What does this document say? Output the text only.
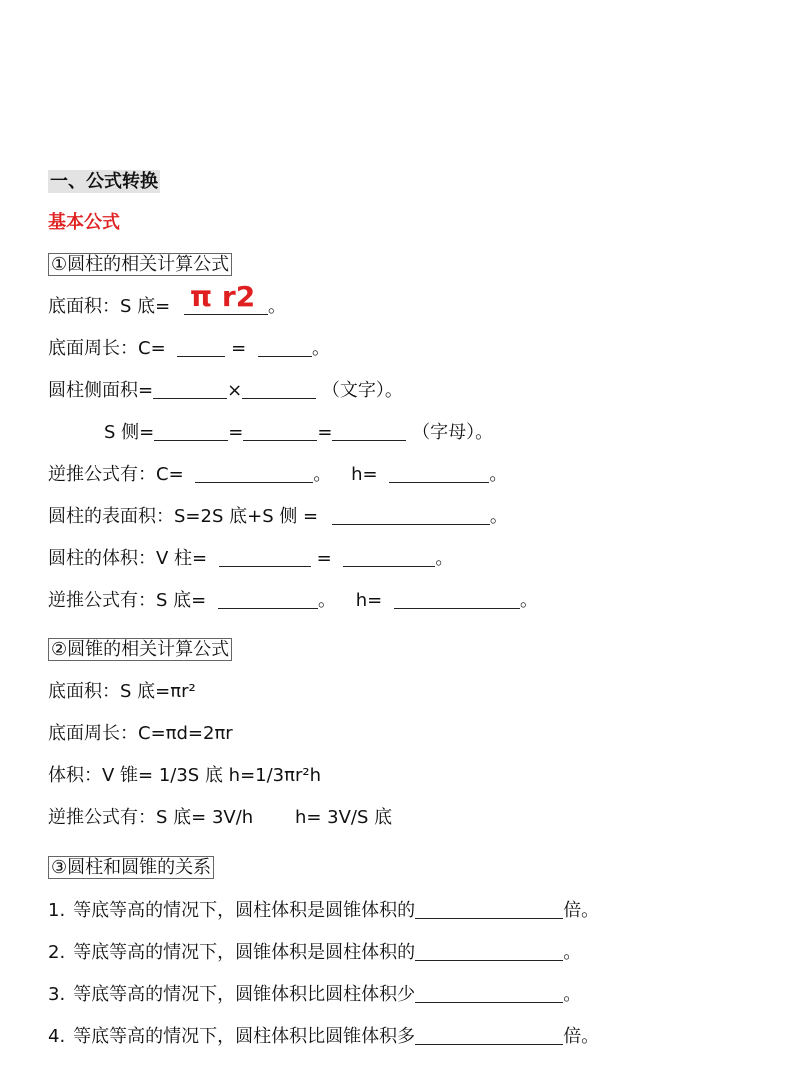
一、公式转换
基本公式
①圆柱的相关计算公式
底面积：S 底=	。
π r2
底面周长：C=	=	。
圆柱侧面积=	×	（文字）。
S 侧=	=	=	（字母）。
逆推公式有：C=	。 h=	。
圆柱的表面积：S=2S 底+S 侧 =	。
圆柱的体积：V 柱=	=	。
逆推公式有：S 底=	。 h=	。
②圆锥的相关计算公式
底面积：S 底=πr²
底面周长：C=πd=2πr
体积：V 锥= 1/3S 底 h=1/3πr²h
逆推公式有：S 底= 3V/h h= 3V/S 底
③圆柱和圆锥的关系
1. 等底等高的情况下，圆柱体积是圆锥体积的	倍。
2. 等底等高的情况下，圆锥体积是圆柱体积的	。
3. 等底等高的情况下，圆锥体积比圆柱体积少	。
4. 等底等高的情况下，圆柱体积比圆锥体积多	倍。
